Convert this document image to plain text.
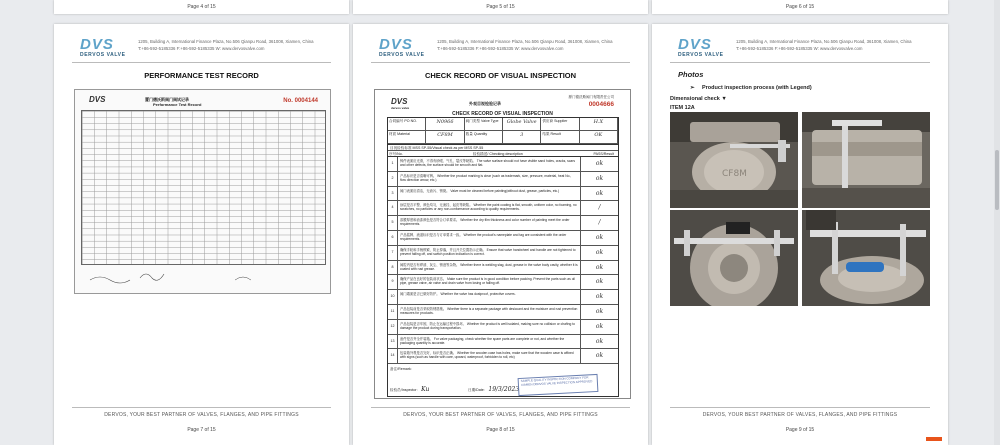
Page 4 of 15	Page 5 of 15	Page 6 of 15
DVS
DERVOS VALVE
1205, Building A, International Finance Plaza, No.506 Qianpu Road, 361008, Xiamen, China
T:+86-592-5185336 F:+86-592-5185335 W: www.dervosvalve.com
PERFORMANCE TEST RECORD
DVS	厦门德沃斯阀门阀试记录
Performance Test Record
No. 0004144
DERVOS, YOUR BEST PARTNER OF VALVES, FLANGES, AND PIPE FITTINGS
Page 7 of 15
DVS
DERVOS VALVE
1205, Building A, International Finance Plaza, No.506 Qianpu Road, 361008, Xiamen, China
T:+86-592-5185336 F:+86-592-5185335 W: www.dervosvalve.com
CHECK RECORD OF VISUAL INSPECTION
DVS
dervos valve
外观目视检验记录
厦门德沃斯阀门有限责任公司
0004666
CHECK RECORD OF VISUAL INSPECTION
合同编号 PO NO.	N0966	阀门类型 Valve Type	Globe Valve	供应商 Supplier	H.X
材质 Material	CF8M	数量 Quantity	3	结果 Result	OK
目视检验标准 MSS SP-55/Visual check as per MSS SP-55
序号/No.	检验描述/ Checking description	PASS/Result
1	铸件表面应光滑，不得有砂眼、气孔、裂纹等缺陷。 The valve surface should not have visible sand holes, cracks, scars and other defects, the surface should be smooth and flat.	ok
2	产品标识是否清晰可辨。 Whether the product marking is clear (such as trademark, size, pressure, material, heat No., flow direction arrow, etc.)	ok
3	阀门表面应清洁，无油污、锈斑。 Valve must be cleaned before painting(without dust, grease, particles, etc.)	ok
4	涂层是否平整，颜色均匀，无流挂、起皮等缺陷。 Whether the paint coating is flat, smooth, uniform color, no foaming, no scratches, no particles or any non-conformance according to quality requirements.	/
5	漆膜厚度和油漆颜色是否符合订单要求。 Whether the dry film thickness and color number of painting meet the order requirements.	/
6	产品铭牌、流道标识是否与订单要求一致。 Whether the product's nameplate and tag are consistent with the order requirements.	ok
7	确保手轮和手柄锁紧，防止掉落，并且开关位置指示正确。 Ensure that valve handwheel and handle are not tightened to prevent falling off, and switch position indication is correct.	ok
8	阀腔内是否有焊渣、灰尘、锈迹等杂物。 Whether there is welding slag, dust, grease in the valve body cavity, whether it is coated with rust grease.	ok
9	确保产品在良好的包装前状态。 Make sure the product is in good condition before packing. Prevent the parts such as oil pipe, grease valve, air valve and drain valve from losing or falling off.	ok
10	阀门端面是否已做好防护。 Whether the valve has dustproof, protective covers.	ok
11	产品包装前是否采取防锈措施。 Whether there is a separate package with desiccant and the moisture and rust prevention measures for products.	ok
12	产品包装是否牢固，防止在运输过程中损坏。 Whether the product is well isolated, making sure no collision or chafing to damage the product during transportation.	ok
13	备件是否齐全并装箱。 For valve packaging, check whether the spare parts are complete or not, and whether the packaging quantity is accurate.	ok
14	包装箱外观是否完好，标识是否正确。 Whether the wooden case has holes, make sure that the wooden case is affixed with signs (such as handle with care, upward, waterproof, forbidden to roll, etc)	ok
备注/Remark：
检验员/Inspector： Ku	日期/Date： 19/3/2023
SAMPLE QUALITY INSPECTION COMPANY FOR XIAMEN DERVOS VALVE INSPECTION APPROVED
DERVOS, YOUR BEST PARTNER OF VALVES, FLANGES, AND PIPE FITTINGS
Page 8 of 15
DVS
DERVOS VALVE
1205, Building A, International Finance Plaza, No.506 Qianpu Road, 361008, Xiamen, China
T:+86-592-5185336 F:+86-592-5185335 W: www.dervosvalve.com
Photos
➢ Product inspection process (with Legend)
Dimensional check ▼
ITEM 12A
CF8M
DERVOS, YOUR BEST PARTNER OF VALVES, FLANGES, AND PIPE FITTINGS
Page 9 of 15
